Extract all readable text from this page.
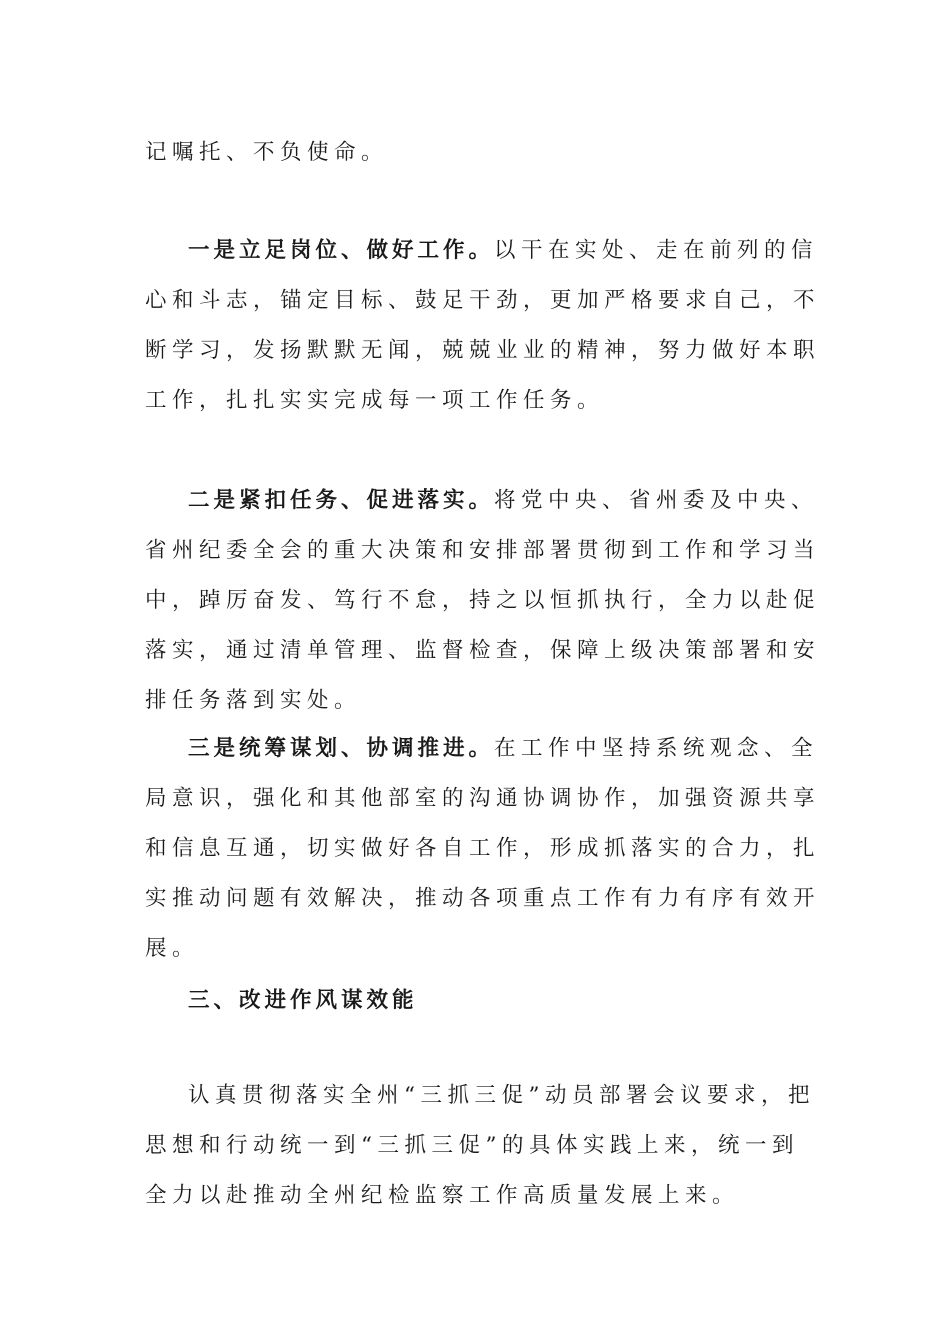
记嘱托、不负使命。

一是立足岗位、做好工作。以干在实处、走在前列的信心和斗志，锚定目标、鼓足干劲，更加严格要求自己，不断学习，发扬默默无闻，兢兢业业的精神，努力做好本职工作，扎扎实实完成每一项工作任务。

二是紧扣任务、促进落实。将党中央、省州委及中央、省州纪委全会的重大决策和安排部署贯彻到工作和学习当中，踔厉奋发、笃行不怠，持之以恒抓执行，全力以赴促落实，通过清单管理、监督检查，保障上级决策部署和安排任务落到实处。

三是统筹谋划、协调推进。在工作中坚持系统观念、全局意识，强化和其他部室的沟通协调协作，加强资源共享和信息互通，切实做好各自工作，形成抓落实的合力，扎实推动问题有效解决，推动各项重点工作有力有序有效开展。

三、改进作风谋效能

认真贯彻落实全州“三抓三促”动员部署会议要求，把思想和行动统一到“三抓三促”的具体实践上来，统一到全力以赴推动全州纪检监察工作高质量发展上来。
